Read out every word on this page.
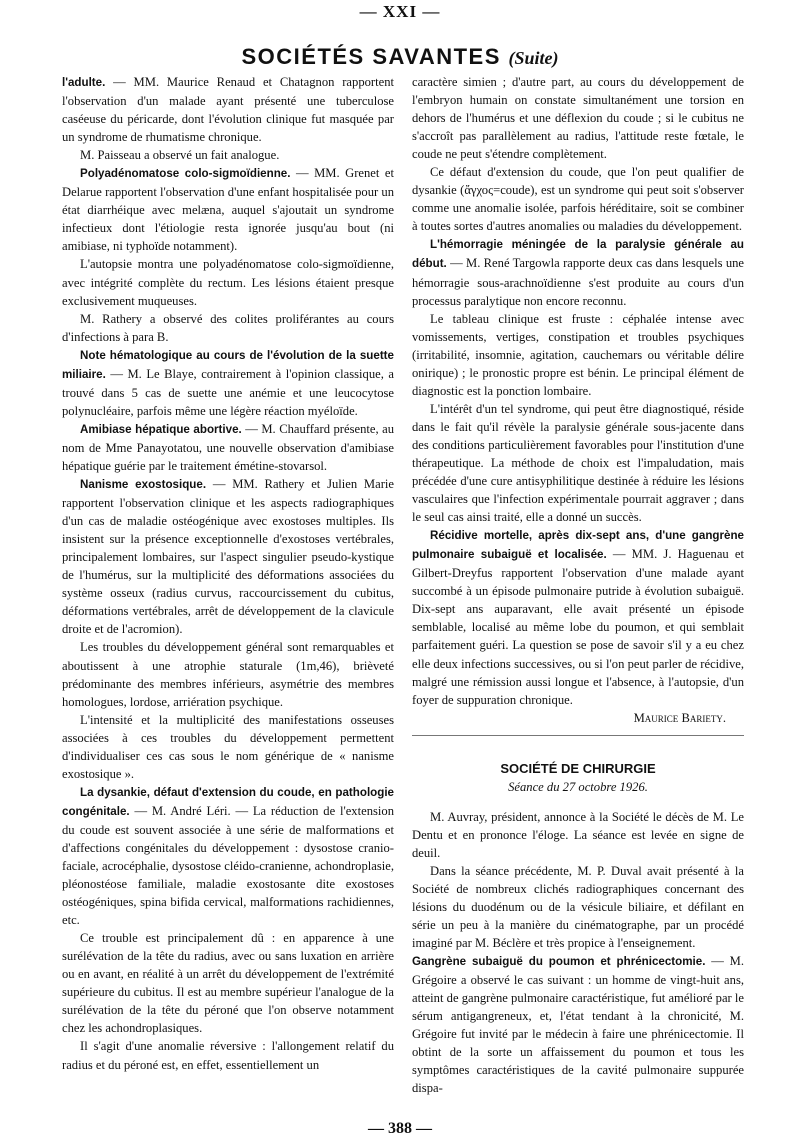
— XXI —
SOCIÉTÉS SAVANTES (Suite)

l'adulte. — MM. Maurice Renaud et Chatagnon rapportent l'observation d'un malade ayant présenté une tuberculose caséeuse du péricarde, dont l'évolution clinique fut masquée par un syndrome de rhumatisme chronique.

M. Paisseau a observé un fait analogue.

Polyadénomatose colo-sigmoïdienne. — MM. Grenet et Delarue rapportent l'observation d'une enfant hospitalisée pour un état diarrhéique avec melæna, auquel s'ajoutait un syndrome infectieux dont l'étiologie resta ignorée jusqu'au bout (ni amibiase, ni typhoïde notamment).

L'autopsie montra une polyadénomatose colo-sigmoïdienne, avec intégrité complète du rectum. Les lésions étaient presque exclusivement muqueuses.

M. Rathery a observé des colites proliférantes au cours d'infections à para B.

Note hématologique au cours de l'évolution de la suette miliaire. — M. Le Blaye, contrairement à l'opinion classique, a trouvé dans 5 cas de suette une anémie et une leucocytose polynucléaire, parfois même une légère réaction myéloïde.

Amibiase hépatique abortive. — M. Chauffard présente, au nom de Mme Panayotatou, une nouvelle observation d'amibiase hépatique guérie par le traitement émétine-stovarsol.

Nanisme exostosique. — MM. Rathery et Julien Marie rapportent l'observation clinique et les aspects radiographiques d'un cas de maladie ostéogénique avec exostoses multiples. Ils insistent sur la présence exceptionnelle d'exostoses vertébrales, principalement lombaires, sur l'aspect singulier pseudo-kystique de l'humérus, sur la multiplicité des déformations associées du système osseux (radius curvus, raccourcissement du cubitus, déformations vertébrales, arrêt de développement de la clavicule droite et de l'acromion).

Les troubles du développement général sont remarquables et aboutissent à une atrophie staturale (1m,46), brièveté prédominante des membres inférieurs, asymétrie des membres homologues, lordose, arriération psychique.

L'intensité et la multiplicité des manifestations osseuses associées à ces troubles du développement permettent d'individualiser ces cas sous le nom générique de « nanisme exostosique ».

La dysankie, défaut d'extension du coude, en pathologie congénitale. — M. André Léri. — La réduction de l'extension du coude est souvent associée à une série de malformations et d'affections congénitales du développement : dysostose cranio-faciale, acrocéphalie, dysostose cléido-cranienne, achondroplasie, pléonostéose familiale, maladie exostosante dite exostoses ostéogéniques, spina bifida cervical, malformations rachidiennes, etc.

Ce trouble est principalement dû : en apparence à une surélévation de la tête du radius, avec ou sans luxation en arrière ou en avant, en réalité à un arrêt du développement de l'extrémité supérieure du cubitus. Il est au membre supérieur l'analogue de la surélévation de la tête du péroné que l'on observe notamment chez les achondroplasiques.

Il s'agit d'une anomalie réversive : l'allongement relatif du radius et du péroné est, en effet, essentiellement un

caractère simien ; d'autre part, au cours du développement de l'embryon humain on constate simultanément une torsion en dehors de l'humérus et une déflexion du coude ; si le cubitus ne s'accroît pas parallèlement au radius, l'attitude reste fœtale, le coude ne peut s'étendre complètement.

Ce défaut d'extension du coude, que l'on peut qualifier de dysankie (ἄγχος=coude), est un syndrome qui peut soit s'observer comme une anomalie isolée, parfois héréditaire, soit se combiner à toutes sortes d'autres anomalies ou maladies du développement.

L'hémorragie méningée de la paralysie générale au début. — M. René Targowla rapporte deux cas dans lesquels une hémorragie sous-arachnoïdienne s'est produite au cours d'un processus paralytique non encore reconnu.

Le tableau clinique est fruste : céphalée intense avec vomissements, vertiges, constipation et troubles psychiques (irritabilité, insomnie, agitation, cauchemars ou véritable délire onirique) ; le pronostic propre est bénin. Le principal élément de diagnostic est la ponction lombaire.

L'intérêt d'un tel syndrome, qui peut être diagnostiqué, réside dans le fait qu'il révèle la paralysie générale sous-jacente dans des conditions particulièrement favorables pour l'institution d'une thérapeutique. La méthode de choix est l'impaludation, mais précédée d'une cure antisyphilitique destinée à réduire les lésions vasculaires que l'infection expérimentale pourrait aggraver ; dans le seul cas ainsi traité, elle a donné un succès.

Récidive mortelle, après dix-sept ans, d'une gangrène pulmonaire subaiguë et localisée. — MM. J. Haguenau et Gilbert-Dreyfus rapportent l'observation d'une malade ayant succombé à un épisode pulmonaire putride à évolution subaiguë. Dix-sept ans auparavant, elle avait présenté un épisode semblable, localisé au même lobe du poumon, et qui semblait parfaitement guéri. La question se pose de savoir s'il y a eu chez elle deux infections successives, ou si l'on peut parler de récidive, malgré une rémission aussi longue et l'absence, à l'autopsie, d'un foyer de suppuration chronique.

Maurice Bariety.

SOCIÉTÉ DE CHIRURGIE

Séance du 27 octobre 1926.

M. Auvray, président, annonce à la Société le décès de M. Le Dentu et en prononce l'éloge. La séance est levée en signe de deuil.

Dans la séance précédente, M. P. Duval avait présenté à la Société de nombreux clichés radiographiques concernant des lésions du duodénum ou de la vésicule biliaire, et défilant en série un peu à la manière du cinématographe, par un procédé imaginé par M. Béclère et très propice à l'enseignement.

Gangrène subaiguë du poumon et phrénicectomie. — M. Grégoire a observé le cas suivant : un homme de vingt-huit ans, atteint de gangrène pulmonaire caractéristique, fut amélioré par le sérum antigangreneux, et, l'état tendant à la chronicité, M. Grégoire fut invité par le médecin à faire une phrénicectomie. Il obtint de la sorte un affaissement du poumon et tous les symptômes caractéristiques de la cavité pulmonaire suppurée dispa-

— 388 —
